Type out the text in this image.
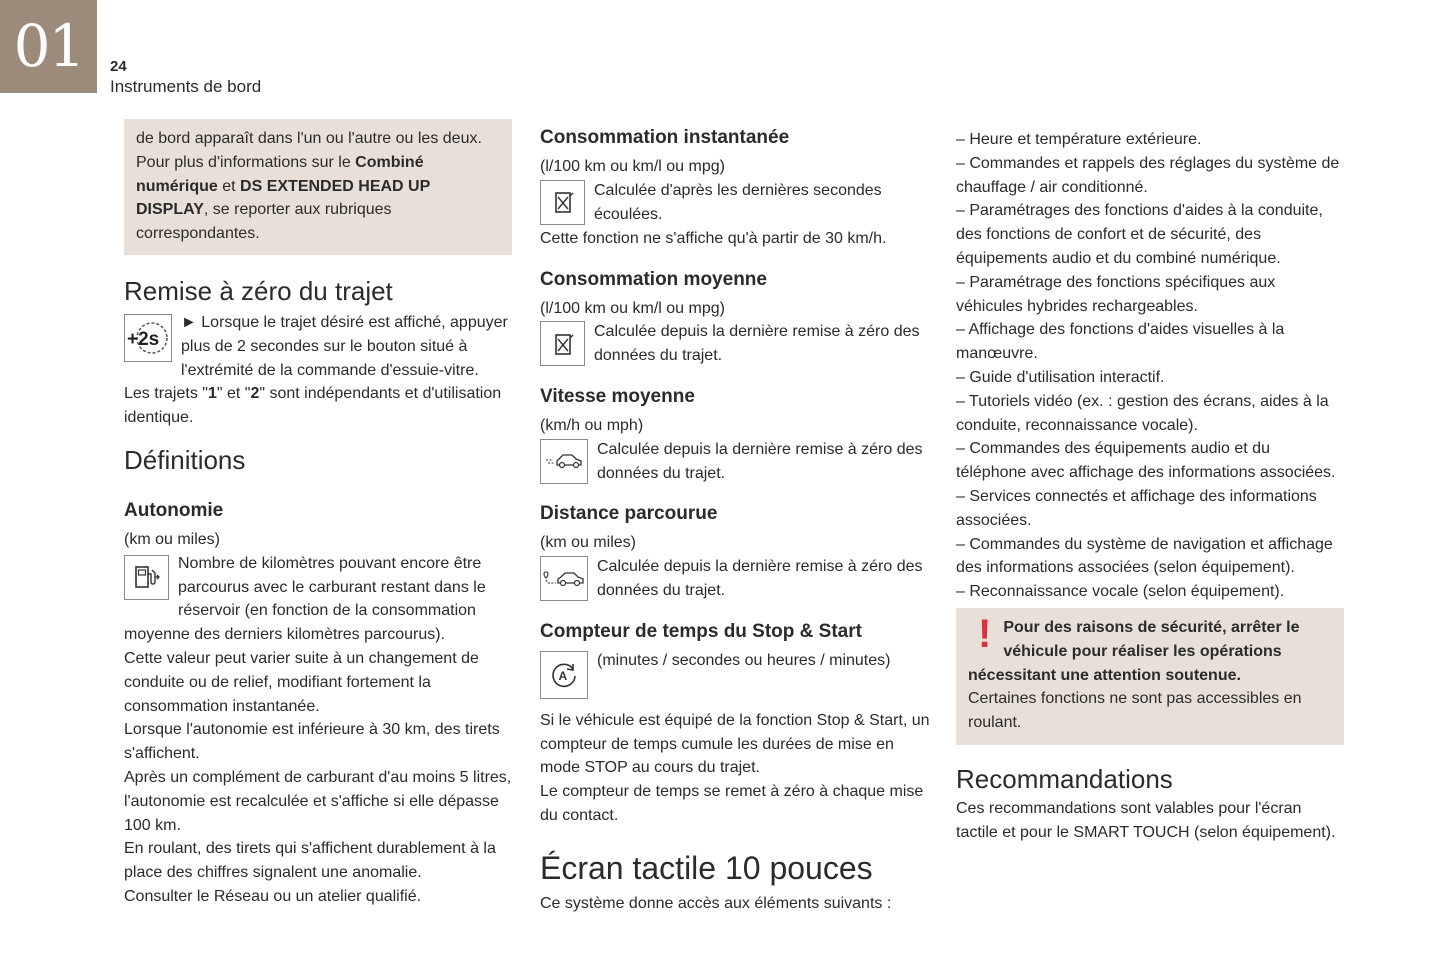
01	24
Instruments de bord

de bord apparaît dans l'un ou l'autre ou les deux.

Pour plus d'informations sur le Combiné numérique et DS EXTENDED HEAD UP DISPLAY, se reporter aux rubriques correspondantes.

Remise à zéro du trajet
+2s

► Lorsque le trajet désiré est affiché, appuyer plus de 2 secondes sur le bouton situé à l'extrémité de la commande d'essuie-vitre.

Les trajets "1" et "2" sont indépendants et d'utilisation identique.

Définitions
Autonomie

(km ou miles)

Nombre de kilomètres pouvant encore être parcourus avec le carburant restant dans le réservoir (en fonction de la consommation moyenne des derniers kilomètres parcourus).

Cette valeur peut varier suite à un changement de conduite ou de relief, modifiant fortement la consommation instantanée.

Lorsque l'autonomie est inférieure à 30 km, des tirets s'affichent.

Après un complément de carburant d'au moins 5 litres, l'autonomie est recalculée et s'affiche si elle dépasse 100 km.

En roulant, des tirets qui s'affichent durablement à la place des chiffres signalent une anomalie.

Consulter le Réseau ou un atelier qualifié.

Consommation instantanée

(l/100 km ou km/l ou mpg)

Calculée d'après les dernières secondes écoulées.

Cette fonction ne s'affiche qu'à partir de 30 km/h.

Consommation moyenne

(l/100 km ou km/l ou mpg)

Calculée depuis la dernière remise à zéro des données du trajet.

Vitesse moyenne

(km/h ou mph)

Calculée depuis la dernière remise à zéro des données du trajet.

Distance parcourue

(km ou miles)

Calculée depuis la dernière remise à zéro des données du trajet.

Compteur de temps du Stop & Start
A

(minutes / secondes ou heures / minutes)

Si le véhicule est équipé de la fonction Stop & Start, un compteur de temps cumule les durées de mise en mode STOP au cours du trajet.

Le compteur de temps se remet à zéro à chaque mise du contact.

Écran tactile 10 pouces

Ce système donne accès aux éléments suivants :

– Heure et température extérieure.

– Commandes et rappels des réglages du système de chauffage / air conditionné.

– Paramétrages des fonctions d'aides à la conduite, des fonctions de confort et de sécurité, des équipements audio et du combiné numérique.

– Paramétrage des fonctions spécifiques aux véhicules hybrides rechargeables.

– Affichage des fonctions d'aides visuelles à la manœuvre.

– Guide d'utilisation interactif.

– Tutoriels vidéo (ex. : gestion des écrans, aides à la conduite, reconnaissance vocale).

– Commandes des équipements audio et du téléphone avec affichage des informations associées.

– Services connectés et affichage des informations associées.

– Commandes du système de navigation et affichage des informations associées (selon équipement).

– Reconnaissance vocale (selon équipement).

! Pour des raisons de sécurité, arrêter le véhicule pour réaliser les opérations nécessitant une attention soutenue.

Certaines fonctions ne sont pas accessibles en roulant.

Recommandations

Ces recommandations sont valables pour l'écran tactile et pour le SMART TOUCH (selon équipement).
